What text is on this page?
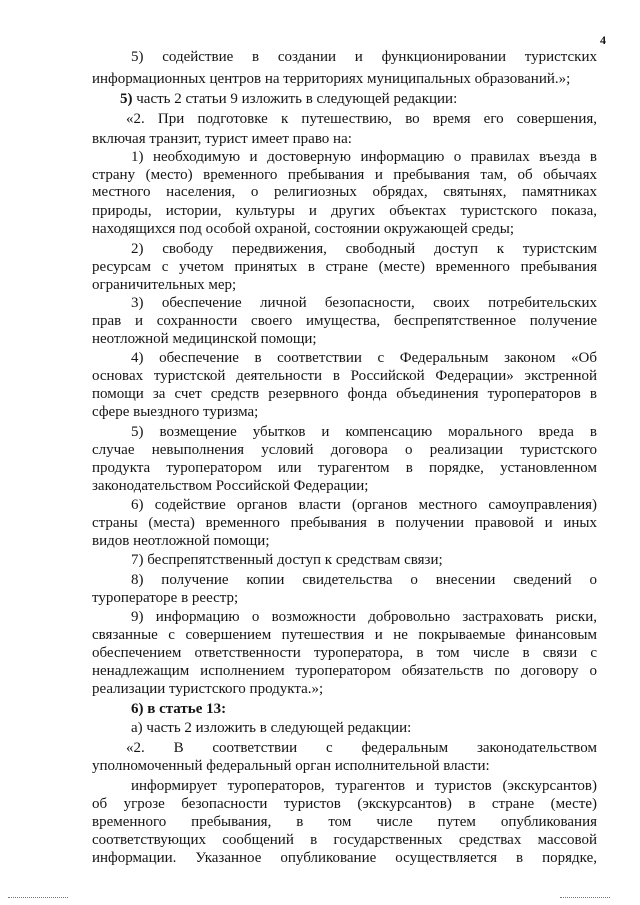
4
5) содействие в создании и функционировании туристских
информационных центров на территориях муниципальных образований.»;
5) часть 2 статьи 9 изложить в следующей редакции:
«2. При подготовке к путешествию, во время его совершения,
включая транзит, турист имеет право на:
1) необходимую и достоверную информацию о правилах въезда в
страну (место) временного пребывания и пребывания там, об обычаях
местного населения, о религиозных обрядах, святынях, памятниках
природы, истории, культуры и других объектах туристского показа,
находящихся под особой охраной, состоянии окружающей среды;
2) свободу передвижения, свободный доступ к туристским
ресурсам с учетом принятых в стране (месте) временного пребывания
ограничительных мер;
3) обеспечение личной безопасности, своих потребительских
прав и сохранности своего имущества, беспрепятственное получение
неотложной медицинской помощи;
4) обеспечение в соответствии с Федеральным законом «Об
основах туристской деятельности в Российской Федерации» экстренной
помощи за счет средств резервного фонда объединения туроператоров в
сфере выездного туризма;
5) возмещение убытков и компенсацию морального вреда в
случае невыполнения условий договора о реализации туристского
продукта туроператором или турагентом в порядке, установленном
законодательством Российской Федерации;
6) содействие органов власти (органов местного самоуправления)
страны (места) временного пребывания в получении правовой и иных
видов неотложной помощи;
7) беспрепятственный доступ к средствам связи;
8) получение копии свидетельства о внесении сведений о
туроператоре в реестр;
9) информацию о возможности добровольно застраховать риски,
связанные с совершением путешествия и не покрываемые финансовым
обеспечением ответственности туроператора, в том числе в связи с
ненадлежащим исполнением туроператором обязательств по договору о
реализации туристского продукта.»;
6) в статье 13:
а) часть 2 изложить в следующей редакции:
«2. В соответствии с федеральным законодательством
уполномоченный федеральный орган исполнительной власти:
информирует туроператоров, турагентов и туристов (экскурсантов)
об угрозе безопасности туристов (экскурсантов) в стране (месте)
временного пребывания, в том числе путем опубликования
соответствующих сообщений в государственных средствах массовой
информации. Указанное опубликование осуществляется в порядке,
